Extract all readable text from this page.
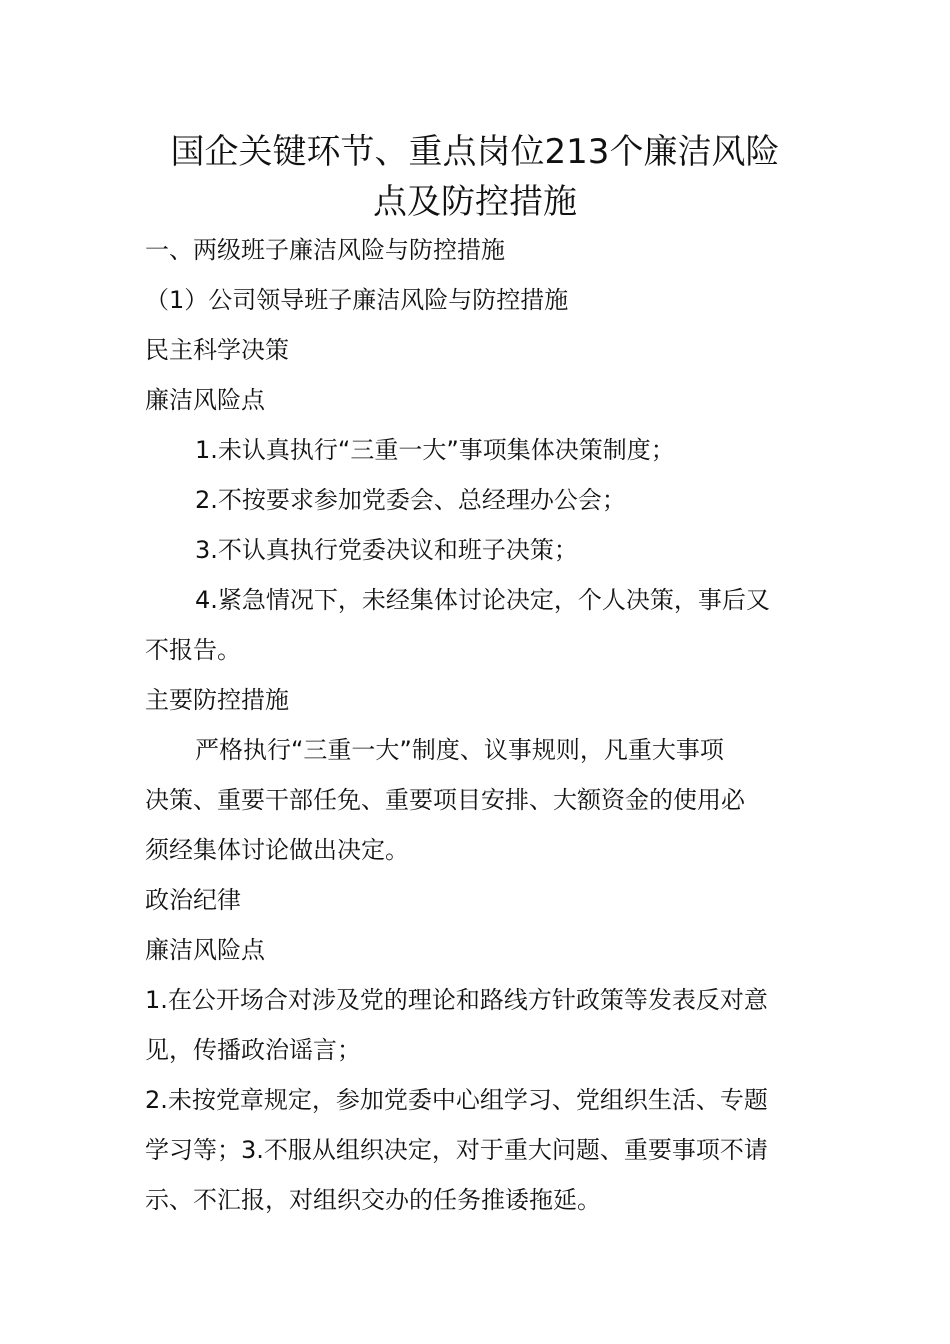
国企关键环节、重点岗位213个廉洁风险
点及防控措施
一、两级班子廉洁风险与防控措施
（1）公司领导班子廉洁风险与防控措施
民主科学决策
廉洁风险点
1.未认真执行“三重一大”事项集体决策制度；
2.不按要求参加党委会、总经理办公会；
3.不认真执行党委决议和班子决策；
4.紧急情况下，未经集体讨论决定，个人决策，事后又
不报告。
主要防控措施
严格执行“三重一大”制度、议事规则，凡重大事项
决策、重要干部任免、重要项目安排、大额资金的使用必
须经集体讨论做出决定。
政治纪律
廉洁风险点
1.在公开场合对涉及党的理论和路线方针政策等发表反对意
见，传播政治谣言；
2.未按党章规定，参加党委中心组学习、党组织生活、专题
学习等；3.不服从组织决定，对于重大问题、重要事项不请
示、不汇报，对组织交办的任务推诿拖延。
